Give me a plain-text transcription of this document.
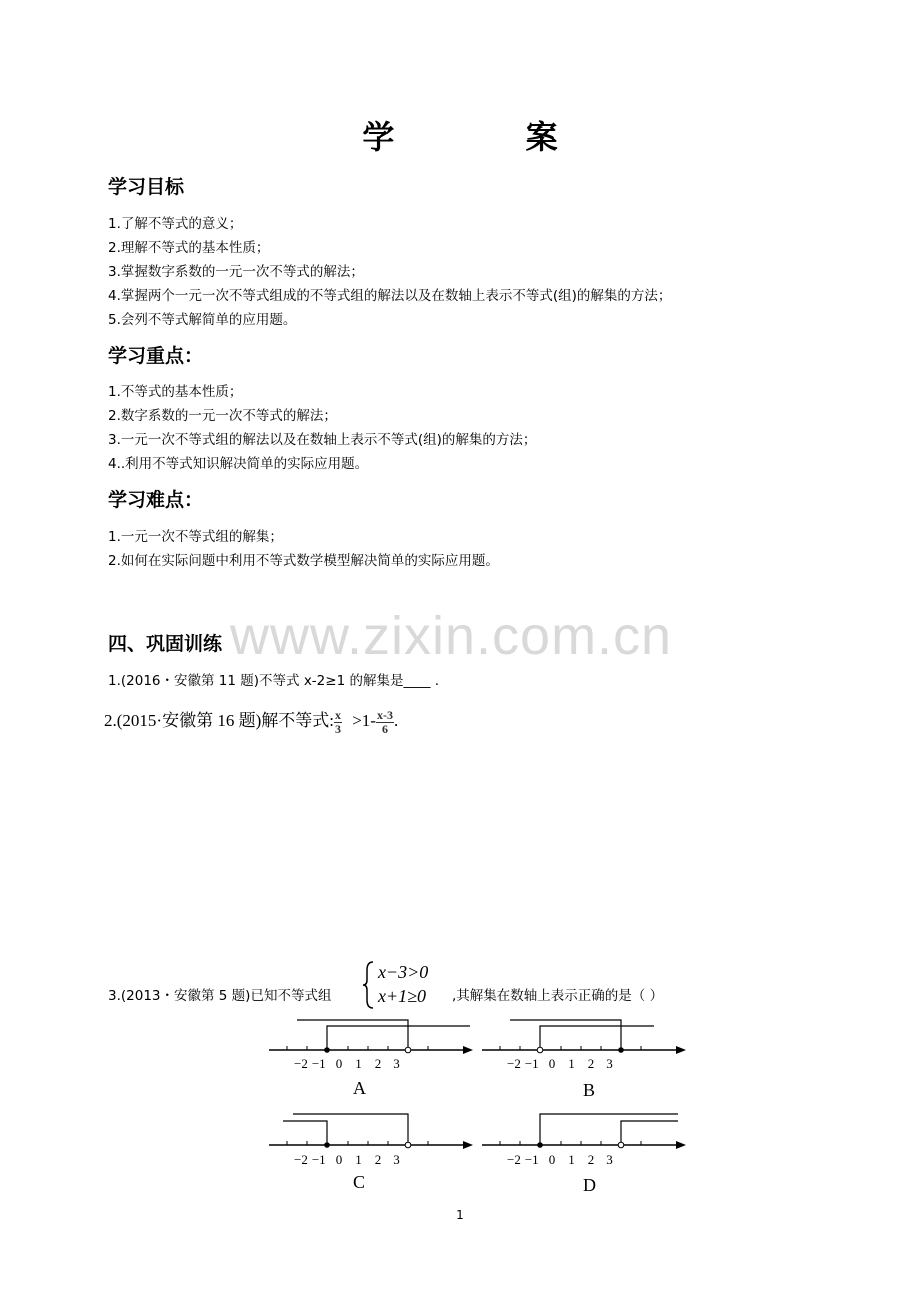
学 案
学习目标
1.了解不等式的意义；
2.理解不等式的基本性质；
3.掌握数字系数的一元一次不等式的解法；
4.掌握两个一元一次不等式组成的不等式组的解法以及在数轴上表示不等式(组)的解集的方法；
5.会列不等式解简单的应用题。
学习重点：
1.不等式的基本性质；
2.数字系数的一元一次不等式的解法；
3.一元一次不等式组的解法以及在数轴上表示不等式(组)的解集的方法；
4..利用不等式知识解决简单的实际应用题。
学习难点：
1.一元一次不等式组的解集；
2.如何在实际问题中利用不等式数学模型解决简单的实际应用题。
www.zixin.com.cn
四、巩固训练
1.(2016・安徽第 11 题)不等式 x-2≥1 的解集是____ .
2.(2015·安徽第 16 题)解不等式: $\frac{x}{3} >1- \frac{x-3}{6}$ .
3.(2013・安徽第 5 题)已知不等式组
x−3>0
x+1≥0 ,其解集在数轴上表示正确的是（ ）
−2 −1 0 1 2 3	−2 −1 0 1 2 3
−2 −1 0 1 2 3	−2 −1 0 1 2 3
A	B
C	D
1
